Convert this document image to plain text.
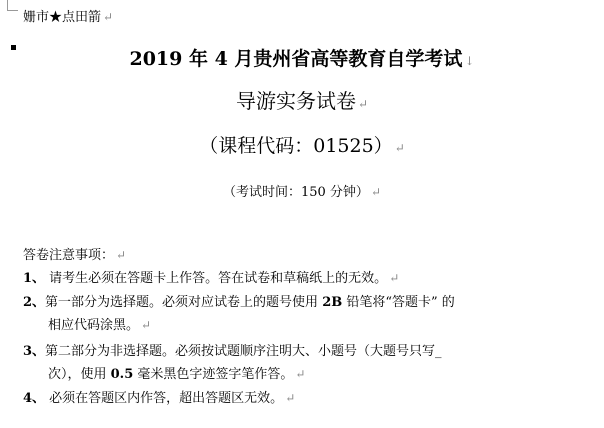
姗市★点田箭 ↵
2019 年 4 月贵州省高等教育自学考试 ↓
导游实务试卷 ↵
（课程代码：01525） ↵
（考试时间：150 分钟） ↵
答卷注意事项： ↵
1、 请考生必须在答题卡上作答。答在试卷和草稿纸上的无效。 ↵
2、第一部分为选择题。必须对应试卷上的题号使用 2B 铅笔将“答题卡” 的
相应代码涂黑。 ↵
3、第二部分为非选择题。必须按试题顺序注明大、小题号（大题号只写_
次），使用 0.5 毫米黑色字迹签字笔作答。 ↵
4、 必须在答题区内作答，超出答题区无效。 ↵
